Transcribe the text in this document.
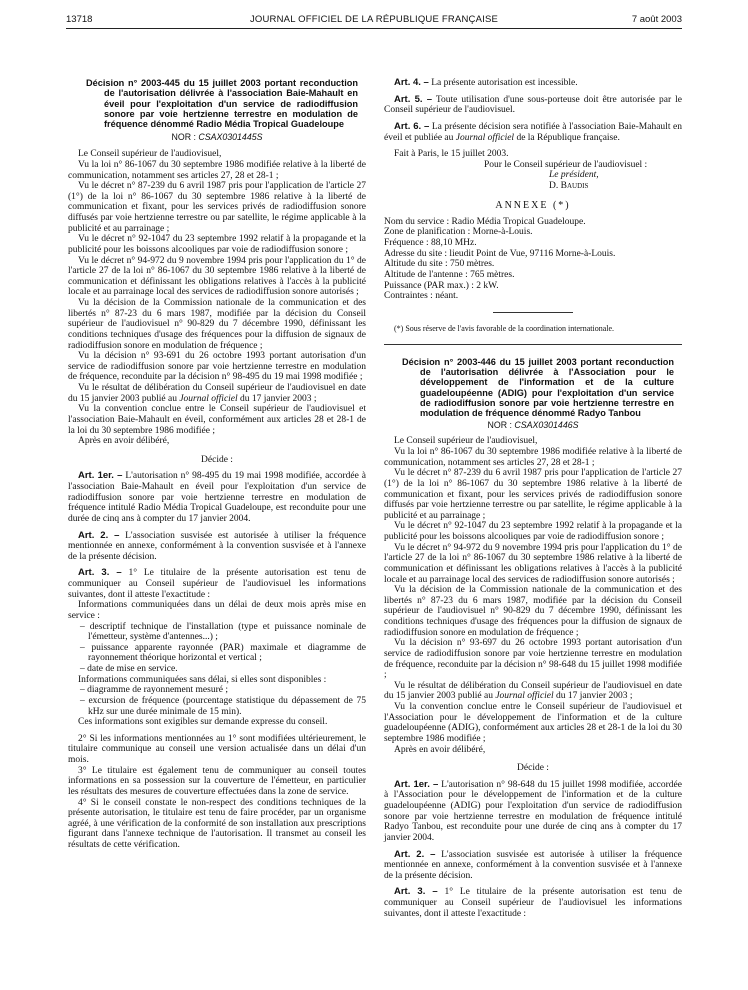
13718	JOURNAL OFFICIEL DE LA RÉPUBLIQUE FRANÇAISE	7 août 2003

Décision n° 2003-445 du 15 juillet 2003 portant reconduction de l'autorisation délivrée à l'association Baie-Mahault en éveil pour l'exploitation d'un service de radiodiffusion sonore par voie hertzienne terrestre en modulation de fréquence dénommé Radio Média Tropical Guadeloupe

NOR : CSAX0301445S

Le Conseil supérieur de l'audiovisuel,

Vu la loi n° 86-1067 du 30 septembre 1986 modifiée relative à la liberté de communication, notamment ses articles 27, 28 et 28-1 ;

Vu le décret n° 87-239 du 6 avril 1987 pris pour l'application de l'article 27 (1°) de la loi n° 86-1067 du 30 septembre 1986 relative à la liberté de communication et fixant, pour les services privés de radiodiffusion sonore diffusés par voie hertzienne terrestre ou par satellite, le régime applicable à la publicité et au parrainage ;

Vu le décret n° 92-1047 du 23 septembre 1992 relatif à la propagande et la publicité pour les boissons alcooliques par voie de radiodiffusion sonore ;

Vu le décret n° 94-972 du 9 novembre 1994 pris pour l'application du 1° de l'article 27 de la loi n° 86-1067 du 30 septembre 1986 relative à la liberté de communication et définissant les obligations relatives à l'accès à la publicité locale et au parrainage local des services de radiodiffusion sonore autorisés ;

Vu la décision de la Commission nationale de la communication et des libertés n° 87-23 du 6 mars 1987, modifiée par la décision du Conseil supérieur de l'audiovisuel n° 90-829 du 7 décembre 1990, définissant les conditions techniques d'usage des fréquences pour la diffusion de signaux de radiodiffusion sonore en modulation de fréquence ;

Vu la décision n° 93-691 du 26 octobre 1993 portant autorisation d'un service de radiodiffusion sonore par voie hertzienne terrestre en modulation de fréquence, reconduite par la décision n° 98-495 du 19 mai 1998 modifiée ;

Vu le résultat de délibération du Conseil supérieur de l'audiovisuel en date du 15 janvier 2003 publié au Journal officiel du 17 janvier 2003 ;

Vu la convention conclue entre le Conseil supérieur de l'audiovisuel et l'association Baie-Mahault en éveil, conformément aux articles 28 et 28-1 de la loi du 30 septembre 1986 modifiée ;

Après en avoir délibéré,

Décide :

Art. 1er. – L'autorisation n° 98-495 du 19 mai 1998 modifiée, accordée à l'association Baie-Mahault en éveil pour l'exploitation d'un service de radiodiffusion sonore par voie hertzienne terrestre en modulation de fréquence intitulé Radio Média Tropical Guadeloupe, est reconduite pour une durée de cinq ans à compter du 17 janvier 2004.

Art. 2. – L'association susvisée est autorisée à utiliser la fréquence mentionnée en annexe, conformément à la convention susvisée et à l'annexe de la présente décision.

Art. 3. – 1° Le titulaire de la présente autorisation est tenu de communiquer au Conseil supérieur de l'audiovisuel les informations suivantes, dont il atteste l'exactitude :

Informations communiquées dans un délai de deux mois après mise en service :

– descriptif technique de l'installation (type et puissance nominale de l'émetteur, système d'antennes...) ;

– puissance apparente rayonnée (PAR) maximale et diagramme de rayonnement théorique horizontal et vertical ;

– date de mise en service.

Informations communiquées sans délai, si elles sont disponibles :

– diagramme de rayonnement mesuré ;

– excursion de fréquence (pourcentage statistique du dépassement de 75 kHz sur une durée minimale de 15 min).

Ces informations sont exigibles sur demande expresse du conseil.

2° Si les informations mentionnées au 1° sont modifiées ultérieurement, le titulaire communique au conseil une version actualisée dans un délai d'un mois.

3° Le titulaire est également tenu de communiquer au conseil toutes informations en sa possession sur la couverture de l'émetteur, en particulier les résultats des mesures de couverture effectuées dans la zone de service.

4° Si le conseil constate le non-respect des conditions techniques de la présente autorisation, le titulaire est tenu de faire procéder, par un organisme agréé, à une vérification de la conformité de son installation aux prescriptions figurant dans l'annexe technique de l'autorisation. Il transmet au conseil les résultats de cette vérification.

Art. 4. – La présente autorisation est incessible.

Art. 5. – Toute utilisation d'une sous-porteuse doit être autorisée par le Conseil supérieur de l'audiovisuel.

Art. 6. – La présente décision sera notifiée à l'association Baie-Mahault en éveil et publiée au Journal officiel de la République française.

Fait à Paris, le 15 juillet 2003.

Pour le Conseil supérieur de l'audiovisuel :

Le président,

D. Baudis

ANNEXE (*)

Nom du service : Radio Média Tropical Guadeloupe.

Zone de planification : Morne-à-Louis.

Fréquence : 88,10 MHz.

Adresse du site : lieudit Point de Vue, 97116 Morne-à-Louis.

Altitude du site : 750 mètres.

Altitude de l'antenne : 765 mètres.

Puissance (PAR max.) : 2 kW.

Contraintes : néant.

(*) Sous réserve de l'avis favorable de la coordination internationale.

Décision n° 2003-446 du 15 juillet 2003 portant reconduction de l'autorisation délivrée à l'Association pour le développement de l'information et de la culture guadeloupéenne (ADIG) pour l'exploitation d'un service de radiodiffusion sonore par voie hertzienne terrestre en modulation de fréquence dénommé Radyo Tanbou

NOR : CSAX0301446S

Le Conseil supérieur de l'audiovisuel,

Vu la loi n° 86-1067 du 30 septembre 1986 modifiée relative à la liberté de communication, notamment ses articles 27, 28 et 28-1 ;

Vu le décret n° 87-239 du 6 avril 1987 pris pour l'application de l'article 27 (1°) de la loi n° 86-1067 du 30 septembre 1986 relative à la liberté de communication et fixant, pour les services privés de radiodiffusion sonore diffusés par voie hertzienne terrestre ou par satellite, le régime applicable à la publicité et au parrainage ;

Vu le décret n° 92-1047 du 23 septembre 1992 relatif à la propagande et la publicité pour les boissons alcooliques par voie de radiodiffusion sonore ;

Vu le décret n° 94-972 du 9 novembre 1994 pris pour l'application du 1° de l'article 27 de la loi n° 86-1067 du 30 septembre 1986 relative à la liberté de communication et définissant les obligations relatives à l'accès à la publicité locale et au parrainage local des services de radiodiffusion sonore autorisés ;

Vu la décision de la Commission nationale de la communication et des libertés n° 87-23 du 6 mars 1987, modifiée par la décision du Conseil supérieur de l'audiovisuel n° 90-829 du 7 décembre 1990, définissant les conditions techniques d'usage des fréquences pour la diffusion de signaux de radiodiffusion sonore en modulation de fréquence ;

Vu la décision n° 93-697 du 26 octobre 1993 portant autorisation d'un service de radiodiffusion sonore par voie hertzienne terrestre en modulation de fréquence, reconduite par la décision n° 98-648 du 15 juillet 1998 modifiée ;

Vu le résultat de délibération du Conseil supérieur de l'audiovisuel en date du 15 janvier 2003 publié au Journal officiel du 17 janvier 2003 ;

Vu la convention conclue entre le Conseil supérieur de l'audiovisuel et l'Association pour le développement de l'information et de la culture guadeloupéenne (ADIG), conformément aux articles 28 et 28-1 de la loi du 30 septembre 1986 modifiée ;

Après en avoir délibéré,

Décide :

Art. 1er. – L'autorisation n° 98-648 du 15 juillet 1998 modifiée, accordée à l'Association pour le développement de l'information et de la culture guadeloupéenne (ADIG) pour l'exploitation d'un service de radiodiffusion sonore par voie hertzienne terrestre en modulation de fréquence intitulé Radyo Tanbou, est reconduite pour une durée de cinq ans à compter du 17 janvier 2004.

Art. 2. – L'association susvisée est autorisée à utiliser la fréquence mentionnée en annexe, conformément à la convention susvisée et à l'annexe de la présente décision.

Art. 3. – 1° Le titulaire de la présente autorisation est tenu de communiquer au Conseil supérieur de l'audiovisuel les informations suivantes, dont il atteste l'exactitude :
